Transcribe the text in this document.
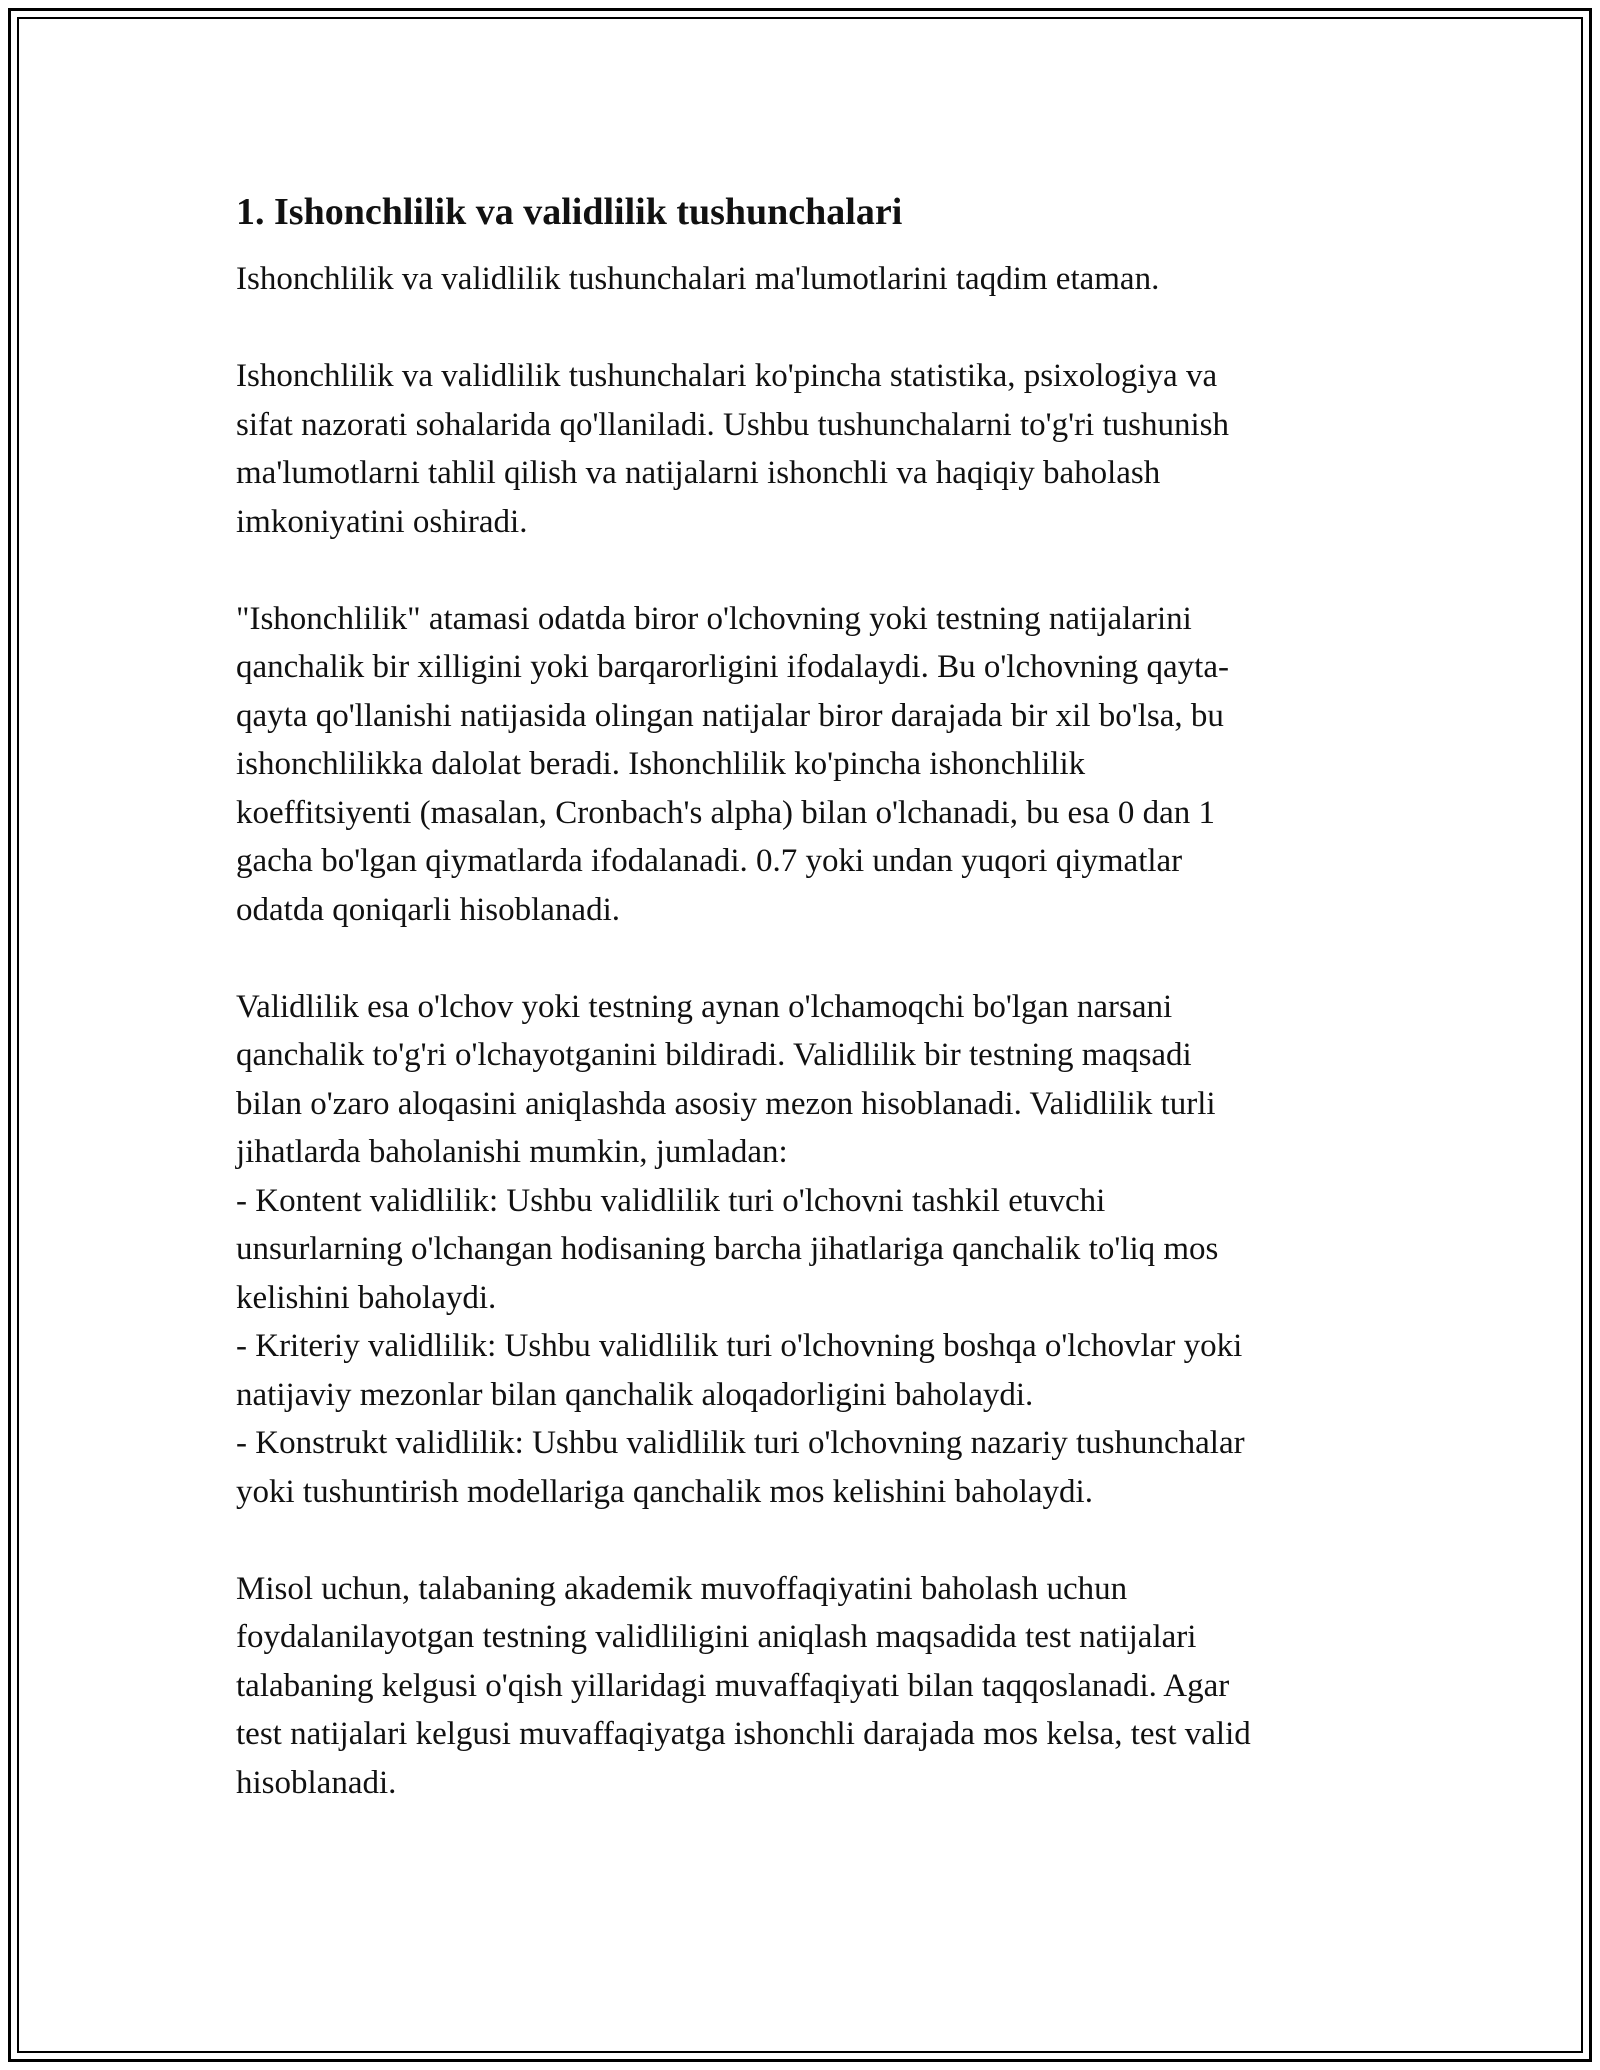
1. Ishonchlilik va validlilik tushunchalari

Ishonchlilik va validlilik tushunchalari ma'lumotlarini taqdim etaman.

Ishonchlilik va validlilik tushunchalari ko'pincha statistika, psixologiya va
sifat nazorati sohalarida qo'llaniladi. Ushbu tushunchalarni to'g'ri tushunish
ma'lumotlarni tahlil qilish va natijalarni ishonchli va haqiqiy baholash
imkoniyatini oshiradi.

"Ishonchlilik" atamasi odatda biror o'lchovning yoki testning natijalarini
qanchalik bir xilligini yoki barqarorligini ifodalaydi. Bu o'lchovning qayta-
qayta qo'llanishi natijasida olingan natijalar biror darajada bir xil bo'lsa, bu
ishonchlilikka dalolat beradi. Ishonchlilik ko'pincha ishonchlilik
koeffitsiyenti (masalan, Cronbach's alpha) bilan o'lchanadi, bu esa 0 dan 1
gacha bo'lgan qiymatlarda ifodalanadi. 0.7 yoki undan yuqori qiymatlar
odatda qoniqarli hisoblanadi.

Validlilik esa o'lchov yoki testning aynan o'lchamoqchi bo'lgan narsani
qanchalik to'g'ri o'lchayotganini bildiradi. Validlilik bir testning maqsadi
bilan o'zaro aloqasini aniqlashda asosiy mezon hisoblanadi. Validlilik turli
jihatlarda baholanishi mumkin, jumladan:
- Kontent validlilik: Ushbu validlilik turi o'lchovni tashkil etuvchi
unsurlarning o'lchangan hodisaning barcha jihatlariga qanchalik to'liq mos
kelishini baholaydi.
- Kriteriy validlilik: Ushbu validlilik turi o'lchovning boshqa o'lchovlar yoki
natijaviy mezonlar bilan qanchalik aloqadorligini baholaydi.
- Konstrukt validlilik: Ushbu validlilik turi o'lchovning nazariy tushunchalar
yoki tushuntirish modellariga qanchalik mos kelishini baholaydi.

Misol uchun, talabaning akademik muvoffaqiyatini baholash uchun
foydalanilayotgan testning validliligini aniqlash maqsadida test natijalari
talabaning kelgusi o'qish yillaridagi muvaffaqiyati bilan taqqoslanadi. Agar
test natijalari kelgusi muvaffaqiyatga ishonchli darajada mos kelsa, test valid
hisoblanadi.
